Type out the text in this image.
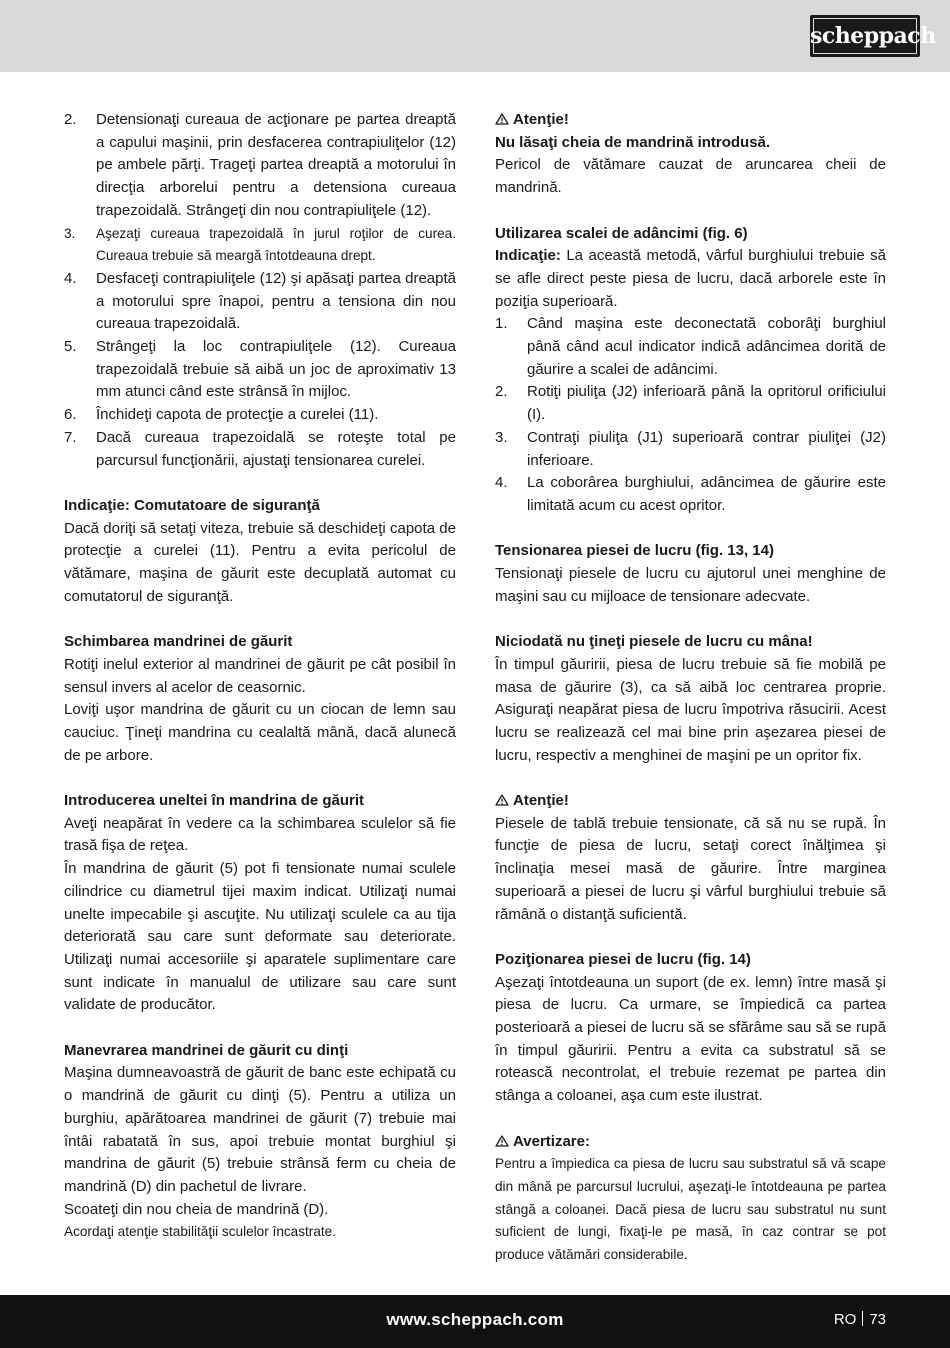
scheppach
2.	Detensionaţi cureaua de acţionare pe partea dreaptă a capului maşinii, prin desfacerea contrapiuliţelor (12) pe ambele părţi. Trageţi partea dreaptă a motorului în direcţia arborelui pentru a detensiona cureaua trapezoidală. Strângeţi din nou contrapiuliţele (12).
3.	Aşezaţi cureaua trapezoidală în jurul roţilor de curea. Cureaua trebuie să meargă întotdeauna drept.
4.	Desfaceţi contrapiuliţele (12) şi apăsaţi partea dreaptă a motorului spre înapoi, pentru a tensiona din nou cureaua trapezoidală.
5.	Strângeţi la loc contrapiuliţele (12). Cureaua trapezoidală trebuie să aibă un joc de aproximativ 13 mm atunci când este strânsă în mijloc.
6.	Închideţi capota de protecţie a curelei (11).
7.	Dacă cureaua trapezoidală se roteşte total pe parcursul funcţionării, ajustaţi tensionarea curelei.
Indicaţie: Comutatoare de siguranţă
Dacă doriţi să setaţi viteza, trebuie să deschideţi capota de protecţie a curelei (11). Pentru a evita pericolul de vătămare, maşina de găurit este decuplată automat cu comutatorul de siguranţă.
Schimbarea mandrinei de găurit
Rotiţi inelul exterior al mandrinei de găurit pe cât posibil în sensul invers al acelor de ceasornic.
Loviţi uşor mandrina de găurit cu un ciocan de lemn sau cauciuc. Ţineţi mandrina cu cealaltă mână, dacă alunecă de pe arbore.
Introducerea uneltei în mandrina de găurit
Aveţi neapărat în vedere ca la schimbarea sculelor să fie trasă fişa de reţea.
În mandrina de găurit (5) pot fi tensionate numai sculele cilindrice cu diametrul tijei maxim indicat. Utilizaţi numai unelte impecabile şi ascuţite. Nu utilizaţi sculele ca au tija deteriorată sau care sunt deformate sau deteriorate. Utilizaţi numai accesoriile şi aparatele suplimentare care sunt indicate în manualul de utilizare sau care sunt validate de producător.
Manevrarea mandrinei de găurit cu dinţi
Maşina dumneavoastră de găurit de banc este echipată cu o mandrină de găurit cu dinţi (5). Pentru a utiliza un burghiu, apărătoarea mandrinei de găurit (7) trebuie mai întâi rabatată în sus, apoi trebuie montat burghiul şi mandrina de găurit (5) trebuie strânsă ferm cu cheia de mandrină (D) din pachetul de livrare.
Scoateţi din nou cheia de mandrină (D).
Acordaţi atenţie stabilităţii sculelor încastrate.
Atenţie!
Nu lăsaţi cheia de mandrină introdusă.
Pericol de vătămare cauzat de aruncarea cheii de mandrină.
Utilizarea scalei de adâncimi (fig. 6)
Indicaţie: La această metodă, vârful burghiului trebuie să se afle direct peste piesa de lucru, dacă arborele este în poziţia superioară.
1.	Când maşina este deconectată coborâţi burghiul până când acul indicator indică adâncimea dorită de găurire a scalei de adâncimi.
2.	Rotiţi piuliţa (J2) inferioară până la opritorul orificiului (I).
3.	Contraţi piuliţa (J1) superioară contrar piuliţei (J2) inferioare.
4.	La coborârea burghiului, adâncimea de găurire este limitată acum cu acest opritor.
Tensionarea piesei de lucru (fig. 13, 14)
Tensionaţi piesele de lucru cu ajutorul unei menghine de maşini sau cu mijloace de tensionare adecvate.
Niciodată nu ţineţi piesele de lucru cu mâna!
În timpul găuririi, piesa de lucru trebuie să fie mobilă pe masa de găurire (3), ca să aibă loc centrarea proprie. Asiguraţi neapărat piesa de lucru împotriva răsucirii. Acest lucru se realizează cel mai bine prin aşezarea piesei de lucru, respectiv a menghinei de maşini pe un opritor fix.
Atenţie!
Piesele de tablă trebuie tensionate, că să nu se rupă. În funcţie de piesa de lucru, setaţi corect înălţimea şi înclinaţia mesei masă de găurire. Între marginea superioară a piesei de lucru şi vârful burghiului trebuie să rămână o distanţă suficientă.
Poziţionarea piesei de lucru (fig. 14)
Aşezaţi întotdeauna un suport (de ex. lemn) între masă şi piesa de lucru. Ca urmare, se împiedică ca partea posterioară a piesei de lucru să se sfărâme sau să se rupă în timpul găuririi. Pentru a evita ca substratul să se rotească necontrolat, el trebuie rezemat pe partea din stânga a coloanei, aşa cum este ilustrat.
Avertizare:
Pentru a împiedica ca piesa de lucru sau substratul să vă scape din mână pe parcursul lucrului, aşezaţi-le întotdeauna pe partea stângă a coloanei. Dacă piesa de lucru sau substratul nu sunt suficient de lungi, fixaţi-le pe masă, în caz contrar se pot produce vătămări considerabile.
www.scheppach.com	RO 73
